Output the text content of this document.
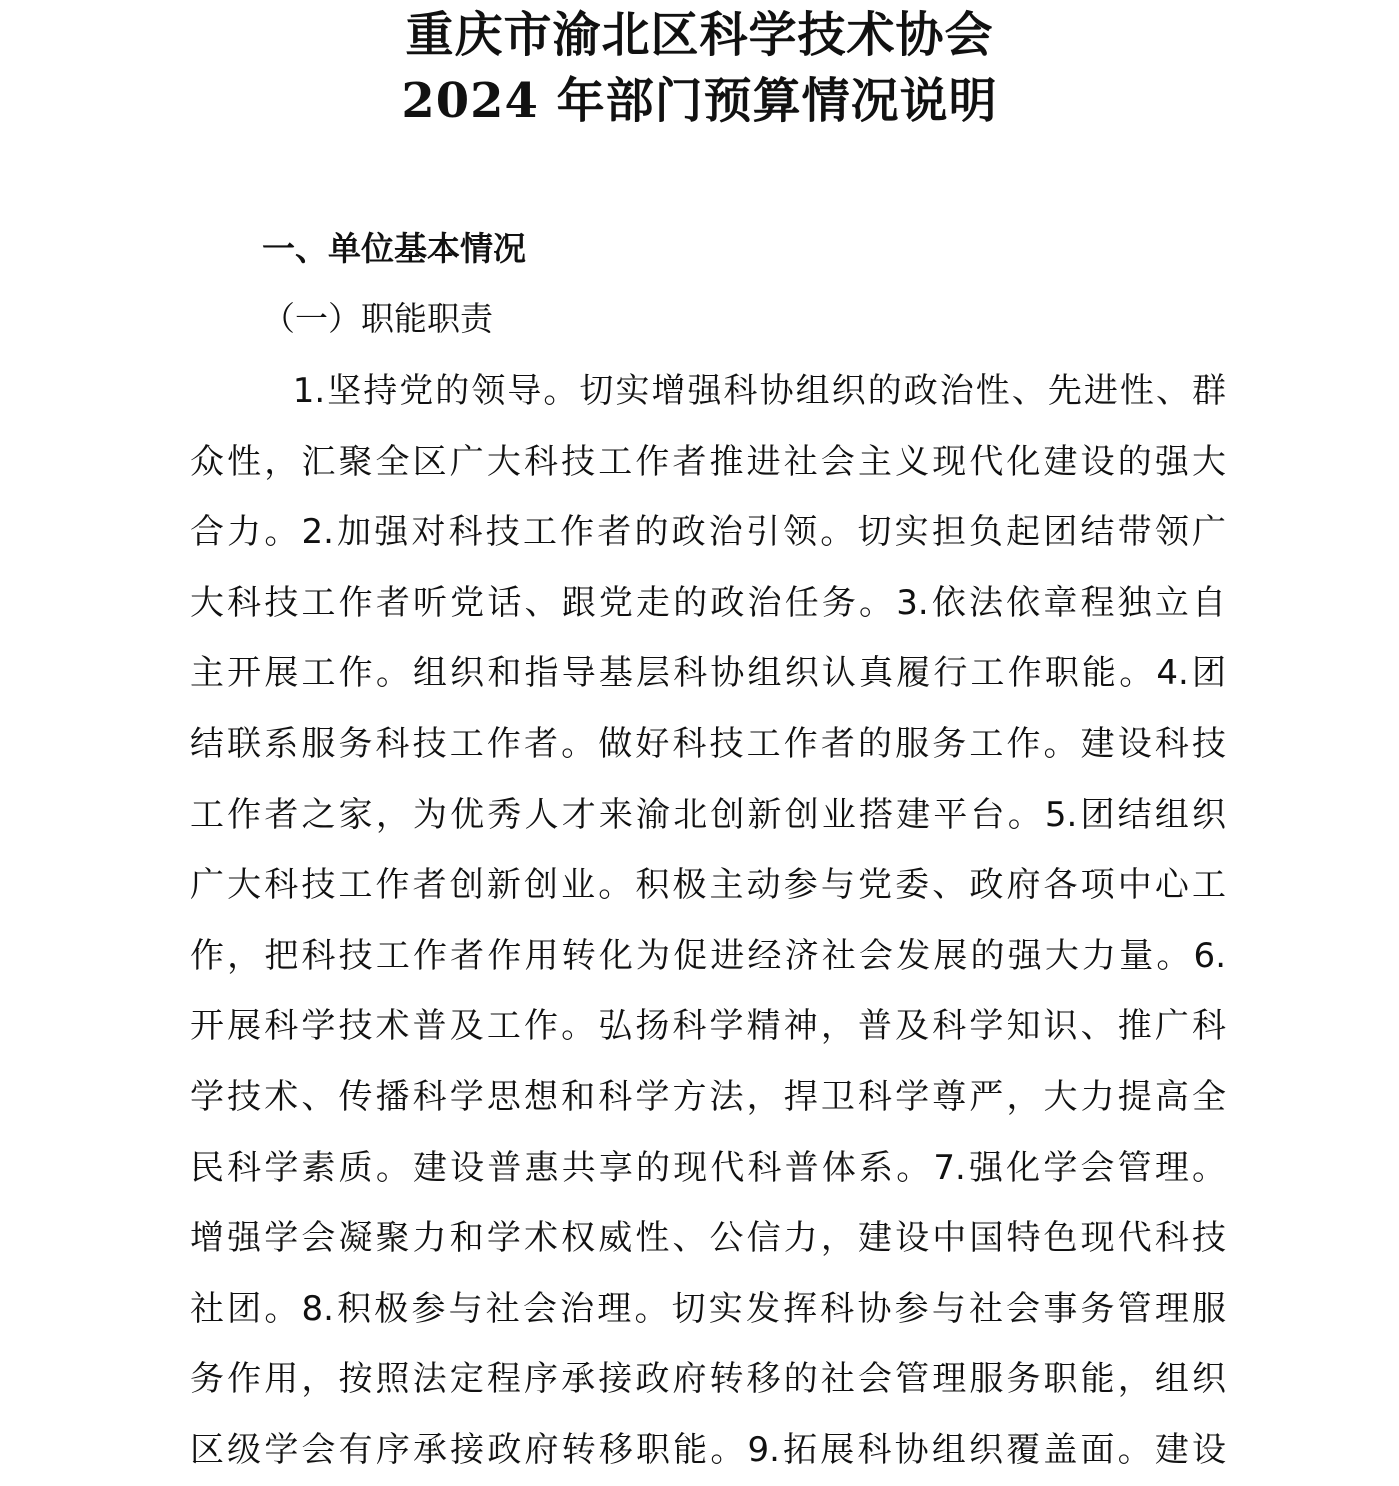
重庆市渝北区科学技术协会
2024 年部门预算情况说明
一、单位基本情况
（一）职能职责
1.坚持党的领导。切实增强科协组织的政治性、先进性、群
众性，汇聚全区广大科技工作者推进社会主义现代化建设的强大
合力。2.加强对科技工作者的政治引领。切实担负起团结带领广
大科技工作者听党话、跟党走的政治任务。3.依法依章程独立自
主开展工作。组织和指导基层科协组织认真履行工作职能。4.团
结联系服务科技工作者。做好科技工作者的服务工作。建设科技
工作者之家，为优秀人才来渝北创新创业搭建平台。5.团结组织
广大科技工作者创新创业。积极主动参与党委、政府各项中心工
作，把科技工作者作用转化为促进经济社会发展的强大力量。6.
开展科学技术普及工作。弘扬科学精神，普及科学知识、推广科
学技术、传播科学思想和科学方法，捍卫科学尊严，大力提高全
民科学素质。建设普惠共享的现代科普体系。7.强化学会管理。
增强学会凝聚力和学术权威性、公信力，建设中国特色现代科技
社团。8.积极参与社会治理。切实发挥科协参与社会事务管理服
务作用，按照法定程序承接政府转移的社会管理服务职能，组织
区级学会有序承接政府转移职能。9.拓展科协组织覆盖面。建设
